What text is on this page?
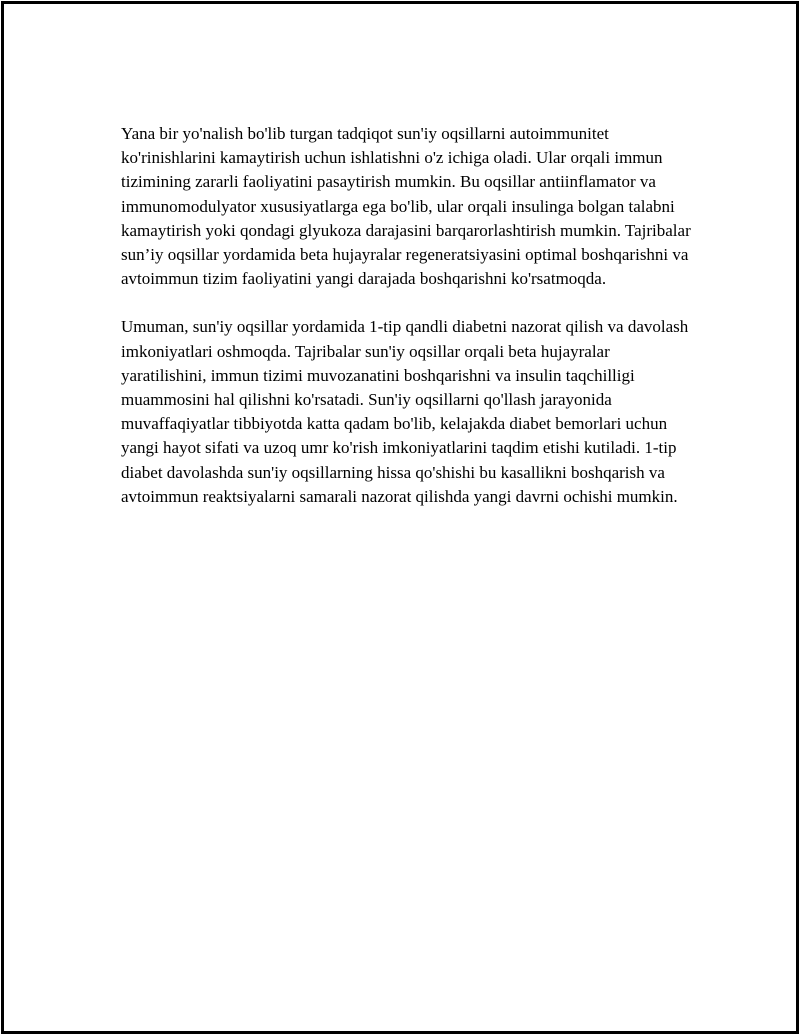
Yana bir yo'nalish bo'lib turgan tadqiqot sun'iy oqsillarni autoimmunitet ko'rinishlarini kamaytirish uchun ishlatishni o'z ichiga oladi. Ular orqali immun tizimining zararli faoliyatini pasaytirish mumkin. Bu oqsillar antiinflamator va immunomodulyator xususiyatlarga ega bo'lib, ular orqali insulinga bolgan talabni kamaytirish yoki qondagi glyukoza darajasini barqarorlashtirish mumkin. Tajribalar sun’iy oqsillar yordamida beta hujayralar regeneratsiyasini optimal boshqarishni va avtoimmun tizim faoliyatini yangi darajada boshqarishni ko'rsatmoqda.

Umuman, sun'iy oqsillar yordamida 1-tip qandli diabetni nazorat qilish va davolash imkoniyatlari oshmoqda. Tajribalar sun'iy oqsillar orqali beta hujayralar yaratilishini, immun tizimi muvozanatini boshqarishni va insulin taqchilligi muammosini hal qilishni ko'rsatadi. Sun'iy oqsillarni qo'llash jarayonida muvaffaqiyatlar tibbiyotda katta qadam bo'lib, kelajakda diabet bemorlari uchun yangi hayot sifati va uzoq umr ko'rish imkoniyatlarini taqdim etishi kutiladi. 1-tip diabet davolashda sun'iy oqsillarning hissa qo'shishi bu kasallikni boshqarish va avtoimmun reaktsiyalarni samarali nazorat qilishda yangi davrni ochishi mumkin.
